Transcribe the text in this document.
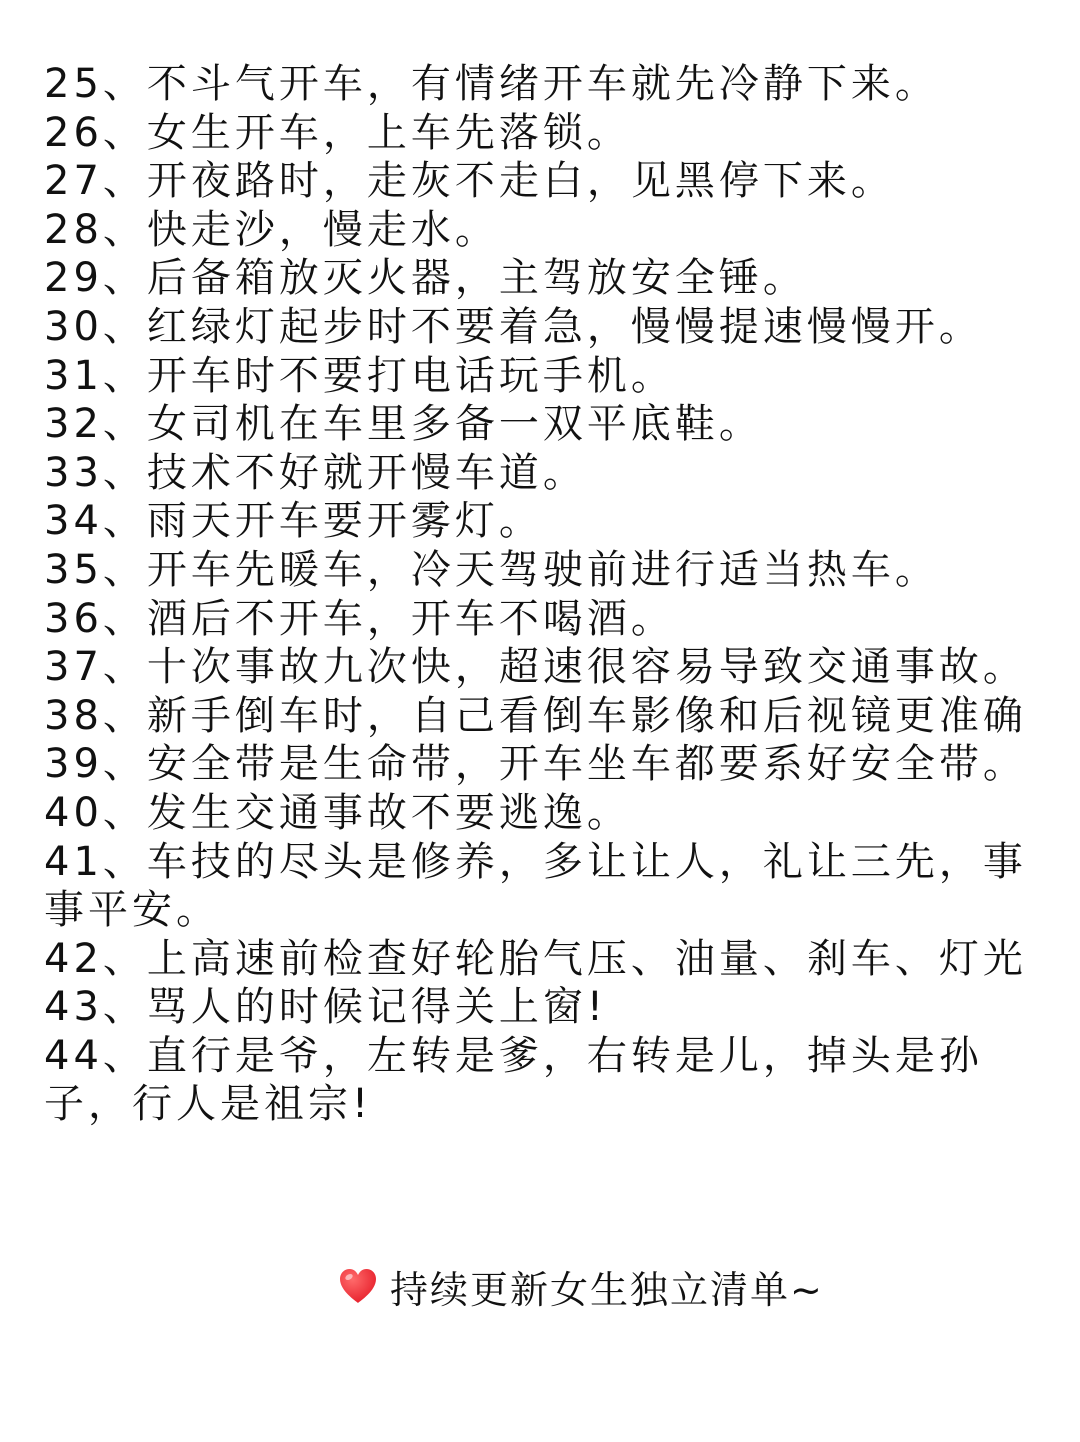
25、不斗气开车，有情绪开车就先冷静下来。
26、女生开车，上车先落锁。
27、开夜路时，走灰不走白，见黑停下来。
28、快走沙，慢走水。
29、后备箱放灭火器，主驾放安全锤。
30、红绿灯起步时不要着急，慢慢提速慢慢开。
31、开车时不要打电话玩手机。
32、女司机在车里多备一双平底鞋。
33、技术不好就开慢车道。
34、雨天开车要开雾灯。
35、开车先暖车，冷天驾驶前进行适当热车。
36、酒后不开车，开车不喝酒。
37、十次事故九次快，超速很容易导致交通事故。
38、新手倒车时，自己看倒车影像和后视镜更准确
39、安全带是生命带，开车坐车都要系好安全带。
40、发生交通事故不要逃逸。
41、车技的尽头是修养，多让让人，礼让三先，事
事平安。
42、上高速前检查好轮胎气压、油量、刹车、灯光
43、骂人的时候记得关上窗!
44、直行是爷，左转是爹，右转是儿，掉头是孙
子，行人是祖宗!
持续更新女生独立清单~
